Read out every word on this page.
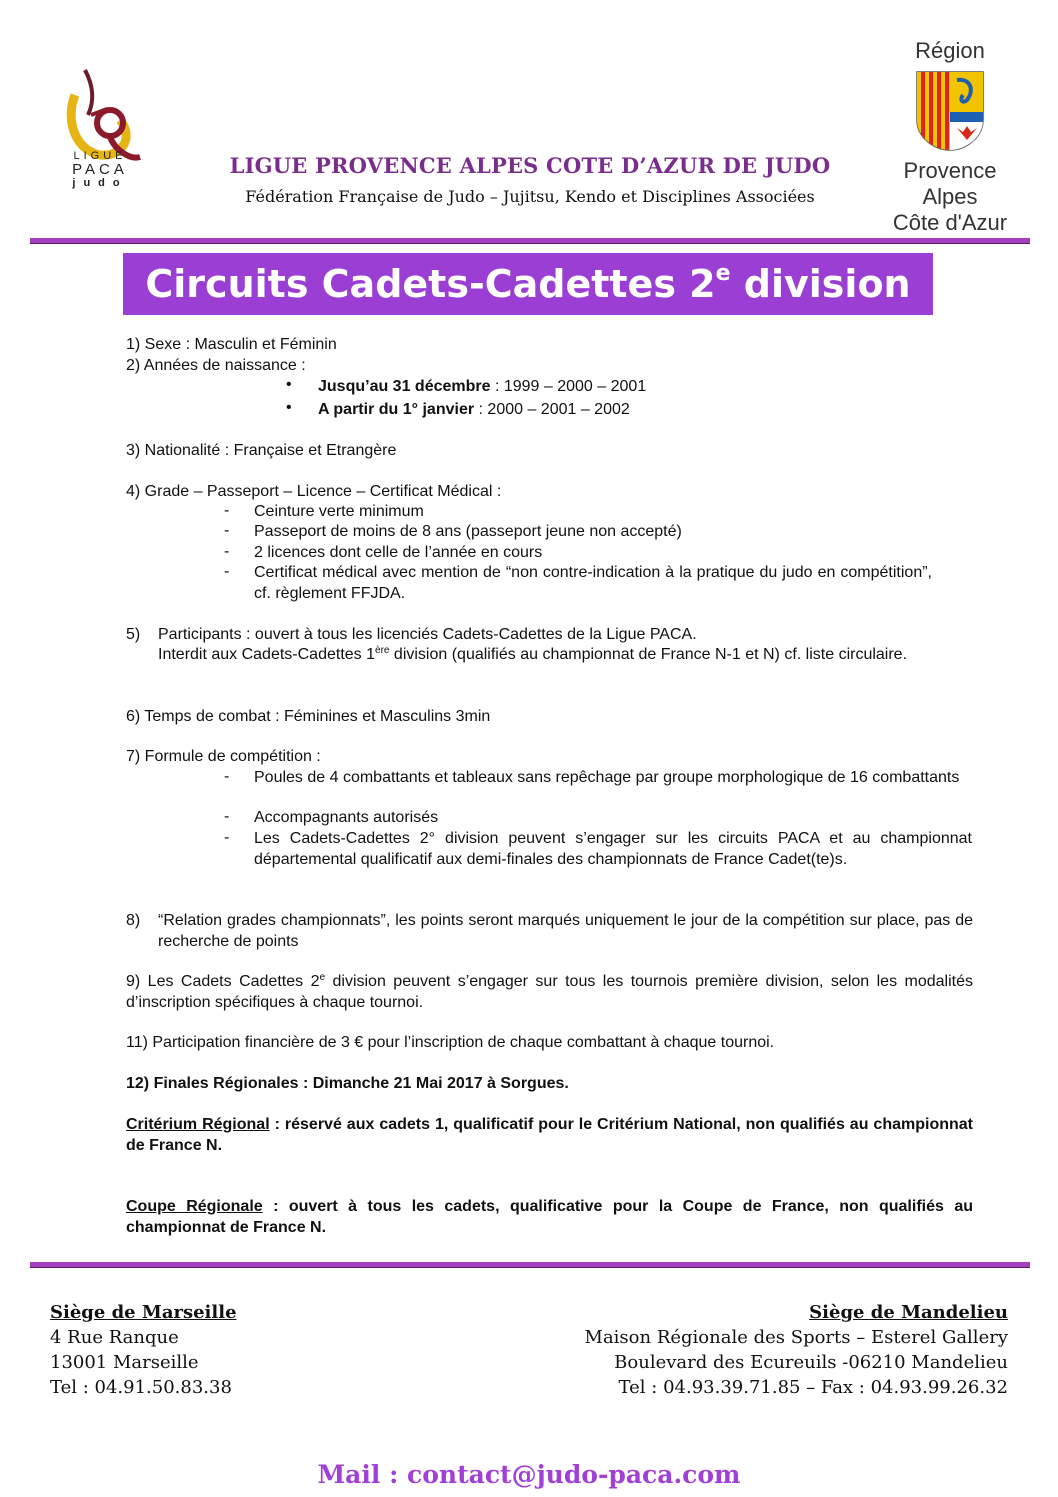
LIGUE
PACA
judo
LIGUE PROVENCE ALPES COTE D’AZUR DE JUDO
Fédération Française de Judo – Jujitsu, Kendo et Disciplines Associées
Région
Provence
Alpes
Côte d'Azur
Circuits Cadets-Cadettes 2e division
1) Sexe : Masculin et Féminin
2) Années de naissance :
• Jusqu’au 31 décembre : 1999 – 2000 – 2001
• A partir du 1° janvier : 2000 – 2001 – 2002
3) Nationalité : Française et Etrangère
4) Grade – Passeport – Licence – Certificat Médical :
- Ceinture verte minimum
- Passeport de moins de 8 ans (passeport jeune non accepté)
- 2 licences dont celle de l’année en cours
- Certificat médical avec mention de “non contre-indication à la pratique du judo en compétition”, cf. règlement FFJDA.
5) Participants : ouvert à tous les licenciés Cadets-Cadettes de la Ligue PACA.
Interdit aux Cadets-Cadettes 1ère division (qualifiés au championnat de France N-1 et N) cf. liste circulaire.
6) Temps de combat : Féminines et Masculins 3min
7) Formule de compétition :
- Poules de 4 combattants et tableaux sans repêchage par groupe morphologique de 16 combattants
- Accompagnants autorisés
- Les Cadets-Cadettes 2° division peuvent s’engager sur les circuits PACA et au championnat départemental qualificatif aux demi-finales des championnats de France Cadet(te)s.
8) “Relation grades championnats”, les points seront marqués uniquement le jour de la compétition sur place, pas de recherche de points
9) Les Cadets Cadettes 2e division peuvent s’engager sur tous les tournois première division, selon les modalités d’inscription spécifiques à chaque tournoi.
11) Participation financière de 3 € pour l’inscription de chaque combattant à chaque tournoi.
12) Finales Régionales : Dimanche 21 Mai 2017 à Sorgues.
Critérium Régional : réservé aux cadets 1, qualificatif pour le Critérium National, non qualifiés au championnat de France N.
Coupe Régionale : ouvert à tous les cadets, qualificative pour la Coupe de France, non qualifiés au championnat de France N.
Siège de Marseille
4 Rue Ranque
13001 Marseille
Tel : 04.91.50.83.38
Siège de Mandelieu
Maison Régionale des Sports – Esterel Gallery
Boulevard des Ecureuils -06210 Mandelieu
Tel : 04.93.39.71.85 – Fax : 04.93.99.26.32
Mail : contact@judo-paca.com
